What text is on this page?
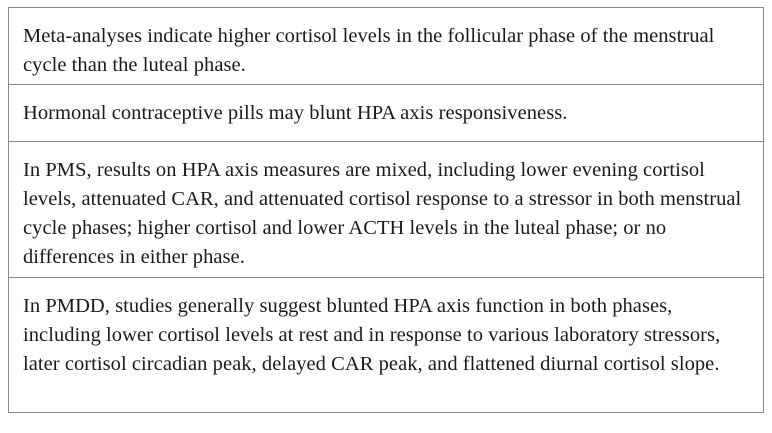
Meta-analyses indicate higher cortisol levels in the follicular phase of the menstrual cycle than the luteal phase.
Hormonal contraceptive pills may blunt HPA axis responsiveness.
In PMS, results on HPA axis measures are mixed, including lower evening cortisol levels, attenuated CAR, and attenuated cortisol response to a stressor in both menstrual cycle phases; higher cortisol and lower ACTH levels in the luteal phase; or no differences in either phase.
In PMDD, studies generally suggest blunted HPA axis function in both phases, including lower cortisol levels at rest and in response to various laboratory stressors, later cortisol circadian peak, delayed CAR peak, and flattened diurnal cortisol slope.
